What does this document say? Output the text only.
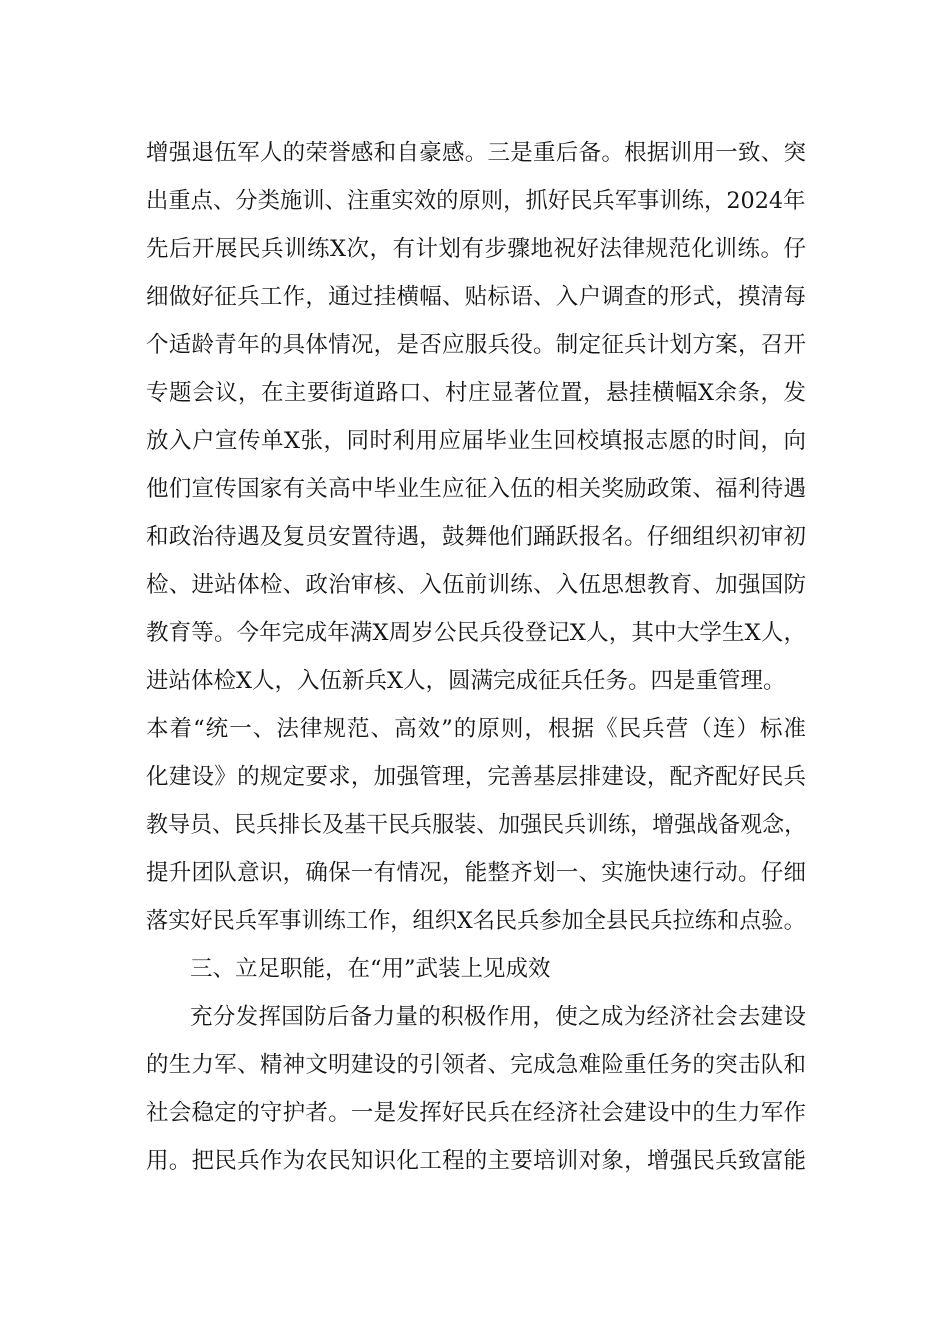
增强退伍军人的荣誉感和自豪感。三是重后备。根据训用一致、突
出重点、分类施训、注重实效的原则，抓好民兵军事训练，2024年
先后开展民兵训练X次，有计划有步骤地祝好法律规范化训练。仔
细做好征兵工作，通过挂横幅、贴标语、入户调查的形式，摸清每
个适龄青年的具体情况，是否应服兵役。制定征兵计划方案，召开
专题会议，在主要街道路口、村庄显著位置，悬挂横幅X余条，发
放入户宣传单X张，同时利用应届毕业生回校填报志愿的时间，向
他们宣传国家有关高中毕业生应征入伍的相关奖励政策、福利待遇
和政治待遇及复员安置待遇，鼓舞他们踊跃报名。仔细组织初审初
检、进站体检、政治审核、入伍前训练、入伍思想教育、加强国防
教育等。今年完成年满X周岁公民兵役登记X人，其中大学生X人，
进站体检X人，入伍新兵X人，圆满完成征兵任务。四是重管理。
本着“统一、法律规范、高效”的原则，根据《民兵营（连）标准
化建设》的规定要求，加强管理，完善基层排建设，配齐配好民兵
教导员、民兵排长及基干民兵服装、加强民兵训练，增强战备观念，
提升团队意识，确保一有情况，能整齐划一、实施快速行动。仔细
落实好民兵军事训练工作，组织X名民兵参加全县民兵拉练和点验。
三、立足职能，在“用”武装上见成效
充分发挥国防后备力量的积极作用，使之成为经济社会去建设
的生力军、精神文明建设的引领者、完成急难险重任务的突击队和
社会稳定的守护者。一是发挥好民兵在经济社会建设中的生力军作
用。把民兵作为农民知识化工程的主要培训对象，增强民兵致富能
